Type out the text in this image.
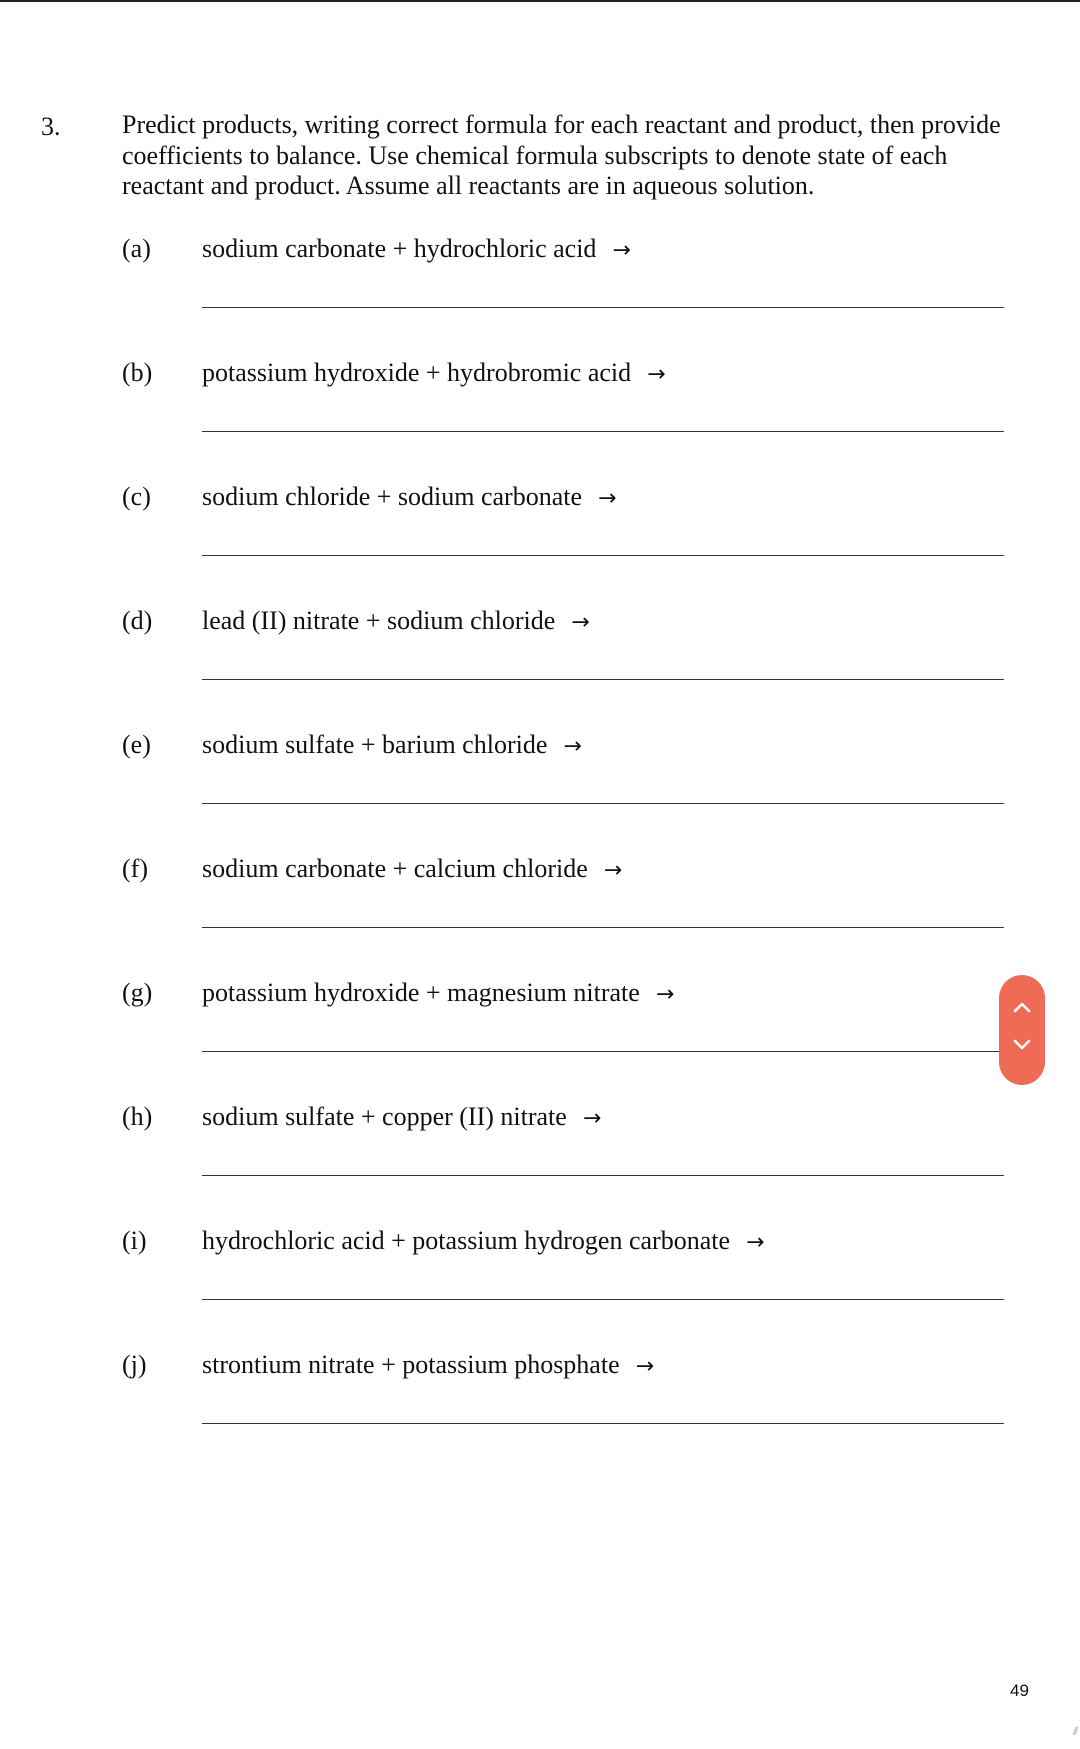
3. Predict products, writing correct formula for each reactant and product, then provide coefficients to balance. Use chemical formula subscripts to denote state of each reactant and product. Assume all reactants are in aqueous solution.
(a) sodium carbonate + hydrochloric acid →
(b) potassium hydroxide + hydrobromic acid →
(c) sodium chloride + sodium carbonate →
(d) lead (II) nitrate + sodium chloride →
(e) sodium sulfate + barium chloride →
(f) sodium carbonate + calcium chloride →
(g) potassium hydroxide + magnesium nitrate →
(h) sodium sulfate + copper (II) nitrate →
(i) hydrochloric acid + potassium hydrogen carbonate →
(j) strontium nitrate + potassium phosphate →
49
